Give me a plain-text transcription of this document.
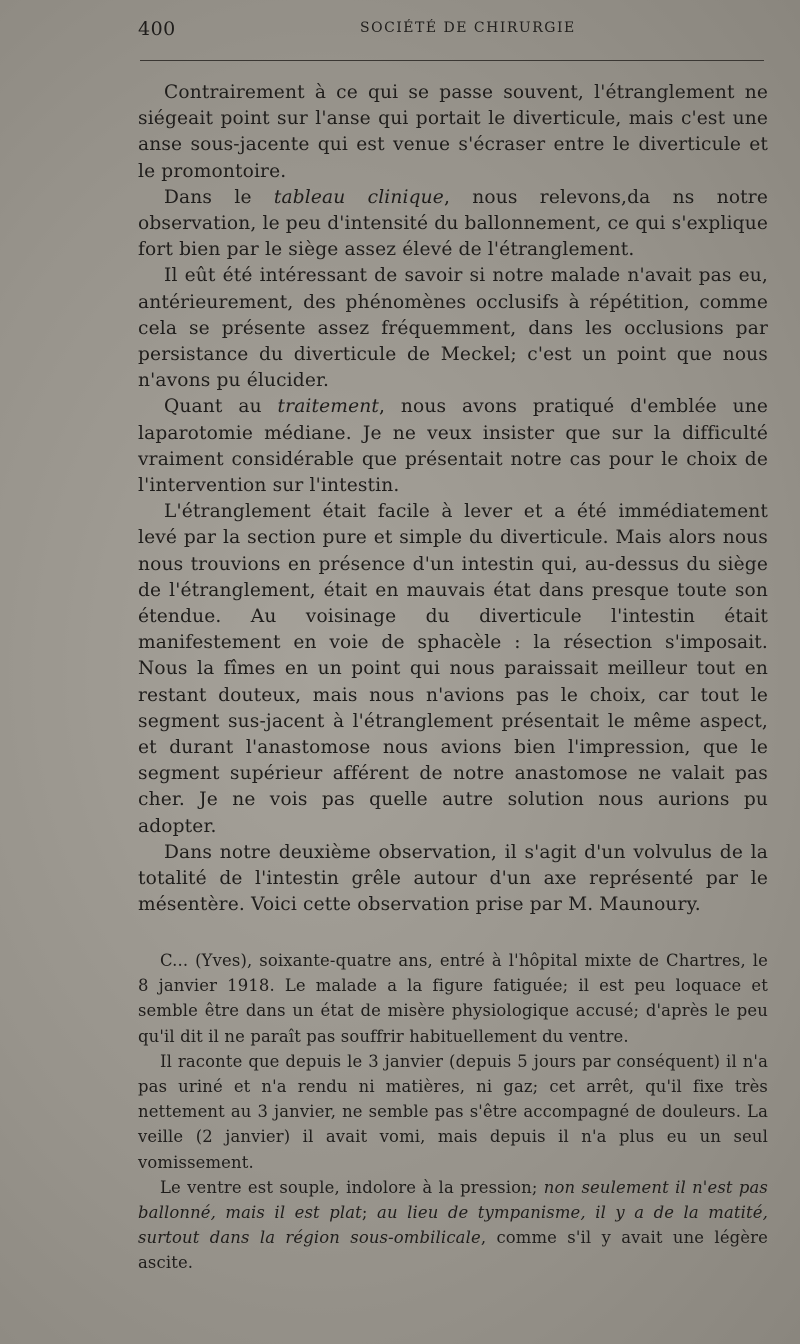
400	SOCIÉTÉ DE CHIRURGIE

Contrairement à ce qui se passe souvent, l'étranglement ne siégeait point sur l'anse qui portait le diverticule, mais c'est une anse sous-jacente qui est venue s'écraser entre le diverticule et le promontoire.

Dans le tableau clinique, nous relevons,da ns notre observation, le peu d'intensité du ballonnement, ce qui s'explique fort bien par le siège assez élevé de l'étranglement.

Il eût été intéressant de savoir si notre malade n'avait pas eu, antérieurement, des phénomènes occlusifs à répétition, comme cela se présente assez fréquemment, dans les occlusions par persistance du diverticule de Meckel; c'est un point que nous n'avons pu élucider.

Quant au traitement, nous avons pratiqué d'emblée une laparotomie médiane. Je ne veux insister que sur la difficulté vraiment considérable que présentait notre cas pour le choix de l'intervention sur l'intestin.

L'étranglement était facile à lever et a été immédiatement levé par la section pure et simple du diverticule. Mais alors nous nous trouvions en présence d'un intestin qui, au-dessus du siège de l'étranglement, était en mauvais état dans presque toute son étendue. Au voisinage du diverticule l'intestin était manifestement en voie de sphacèle : la résection s'imposait. Nous la fîmes en un point qui nous paraissait meilleur tout en restant douteux, mais nous n'avions pas le choix, car tout le segment sus-jacent à l'étranglement présentait le même aspect, et durant l'anastomose nous avions bien l'impression, que le segment supérieur afférent de notre anastomose ne valait pas cher. Je ne vois pas quelle autre solution nous aurions pu adopter.

Dans notre deuxième observation, il s'agit d'un volvulus de la totalité de l'intestin grêle autour d'un axe représenté par le mésentère. Voici cette observation prise par M. Maunoury.

C... (Yves), soixante-quatre ans, entré à l'hôpital mixte de Chartres, le 8 janvier 1918. Le malade a la figure fatiguée; il est peu loquace et semble être dans un état de misère physiologique accusé; d'après le peu qu'il dit il ne paraît pas souffrir habituellement du ventre.

Il raconte que depuis le 3 janvier (depuis 5 jours par conséquent) il n'a pas uriné et n'a rendu ni matières, ni gaz; cet arrêt, qu'il fixe très nettement au 3 janvier, ne semble pas s'être accompagné de douleurs. La veille (2 janvier) il avait vomi, mais depuis il n'a plus eu un seul vomissement.

Le ventre est souple, indolore à la pression; non seulement il n'est pas ballonné, mais il est plat; au lieu de tympanisme, il y a de la matité, surtout dans la région sous-ombilicale, comme s'il y avait une légère ascite.
